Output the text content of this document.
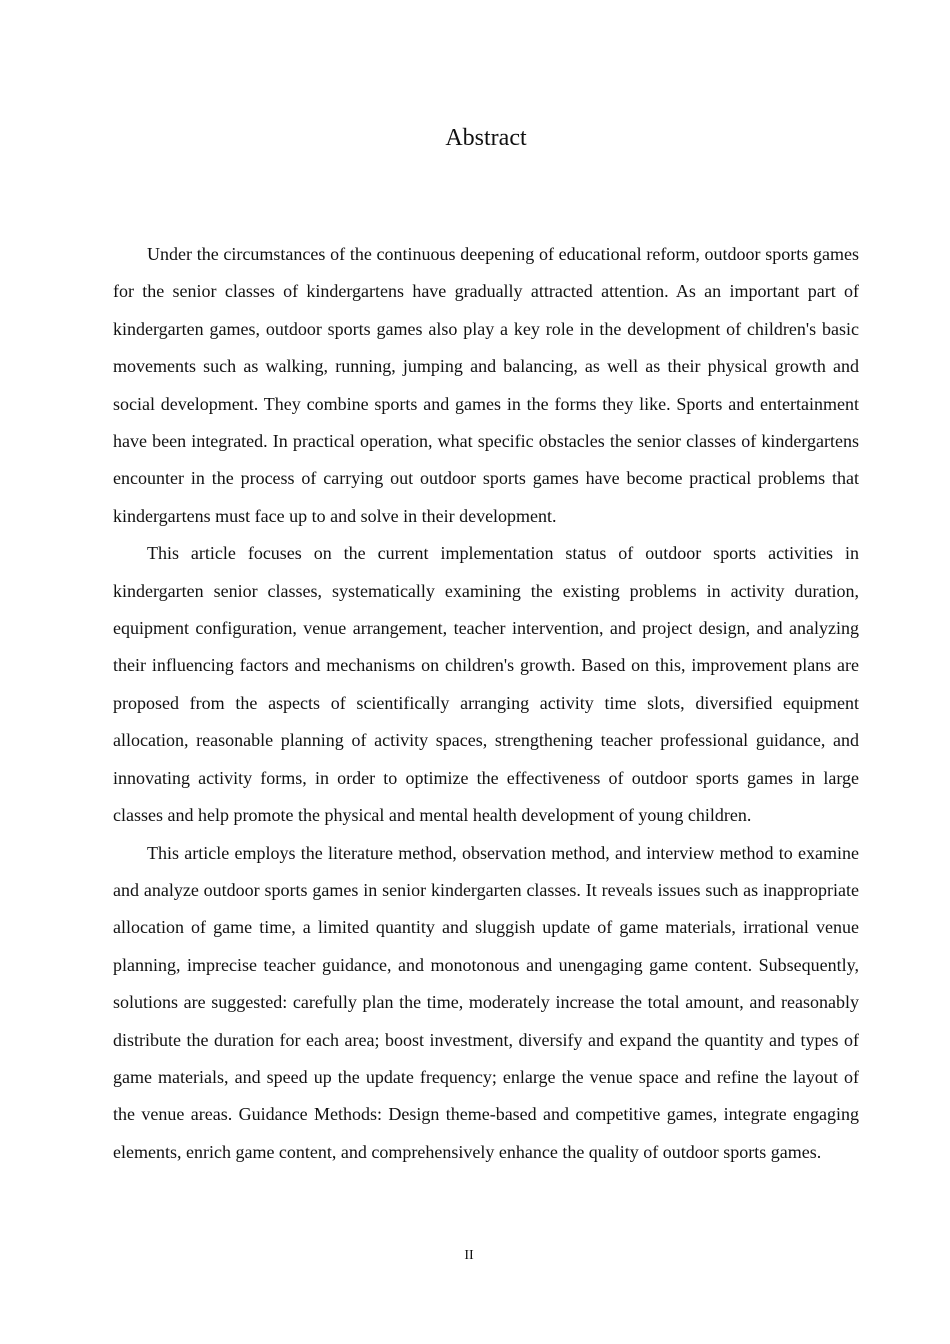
Abstract

Under the circumstances of the continuous deepening of educational reform, outdoor sports games for the senior classes of kindergartens have gradually attracted attention. As an important part of kindergarten games, outdoor sports games also play a key role in the development of children's basic movements such as walking, running, jumping and balancing, as well as their physical growth and social development. They combine sports and games in the forms they like. Sports and entertainment have been integrated. In practical operation, what specific obstacles the senior classes of kindergartens encounter in the process of carrying out outdoor sports games have become practical problems that kindergartens must face up to and solve in their development.

This article focuses on the current implementation status of outdoor sports activities in kindergarten senior classes, systematically examining the existing problems in activity duration, equipment configuration, venue arrangement, teacher intervention, and project design, and analyzing their influencing factors and mechanisms on children's growth. Based on this, improvement plans are proposed from the aspects of scientifically arranging activity time slots, diversified equipment allocation, reasonable planning of activity spaces, strengthening teacher professional guidance, and innovating activity forms, in order to optimize the effectiveness of outdoor sports games in large classes and help promote the physical and mental health development of young children.

This article employs the literature method, observation method, and interview method to examine and analyze outdoor sports games in senior kindergarten classes. It reveals issues such as inappropriate allocation of game time, a limited quantity and sluggish update of game materials, irrational venue planning, imprecise teacher guidance, and monotonous and unengaging game content. Subsequently, solutions are suggested: carefully plan the time, moderately increase the total amount, and reasonably distribute the duration for each area; boost investment, diversify and expand the quantity and types of game materials, and speed up the update frequency; enlarge the venue space and refine the layout of the venue areas. Guidance Methods: Design theme-based and competitive games, integrate engaging elements, enrich game content, and comprehensively enhance the quality of outdoor sports games.

II
